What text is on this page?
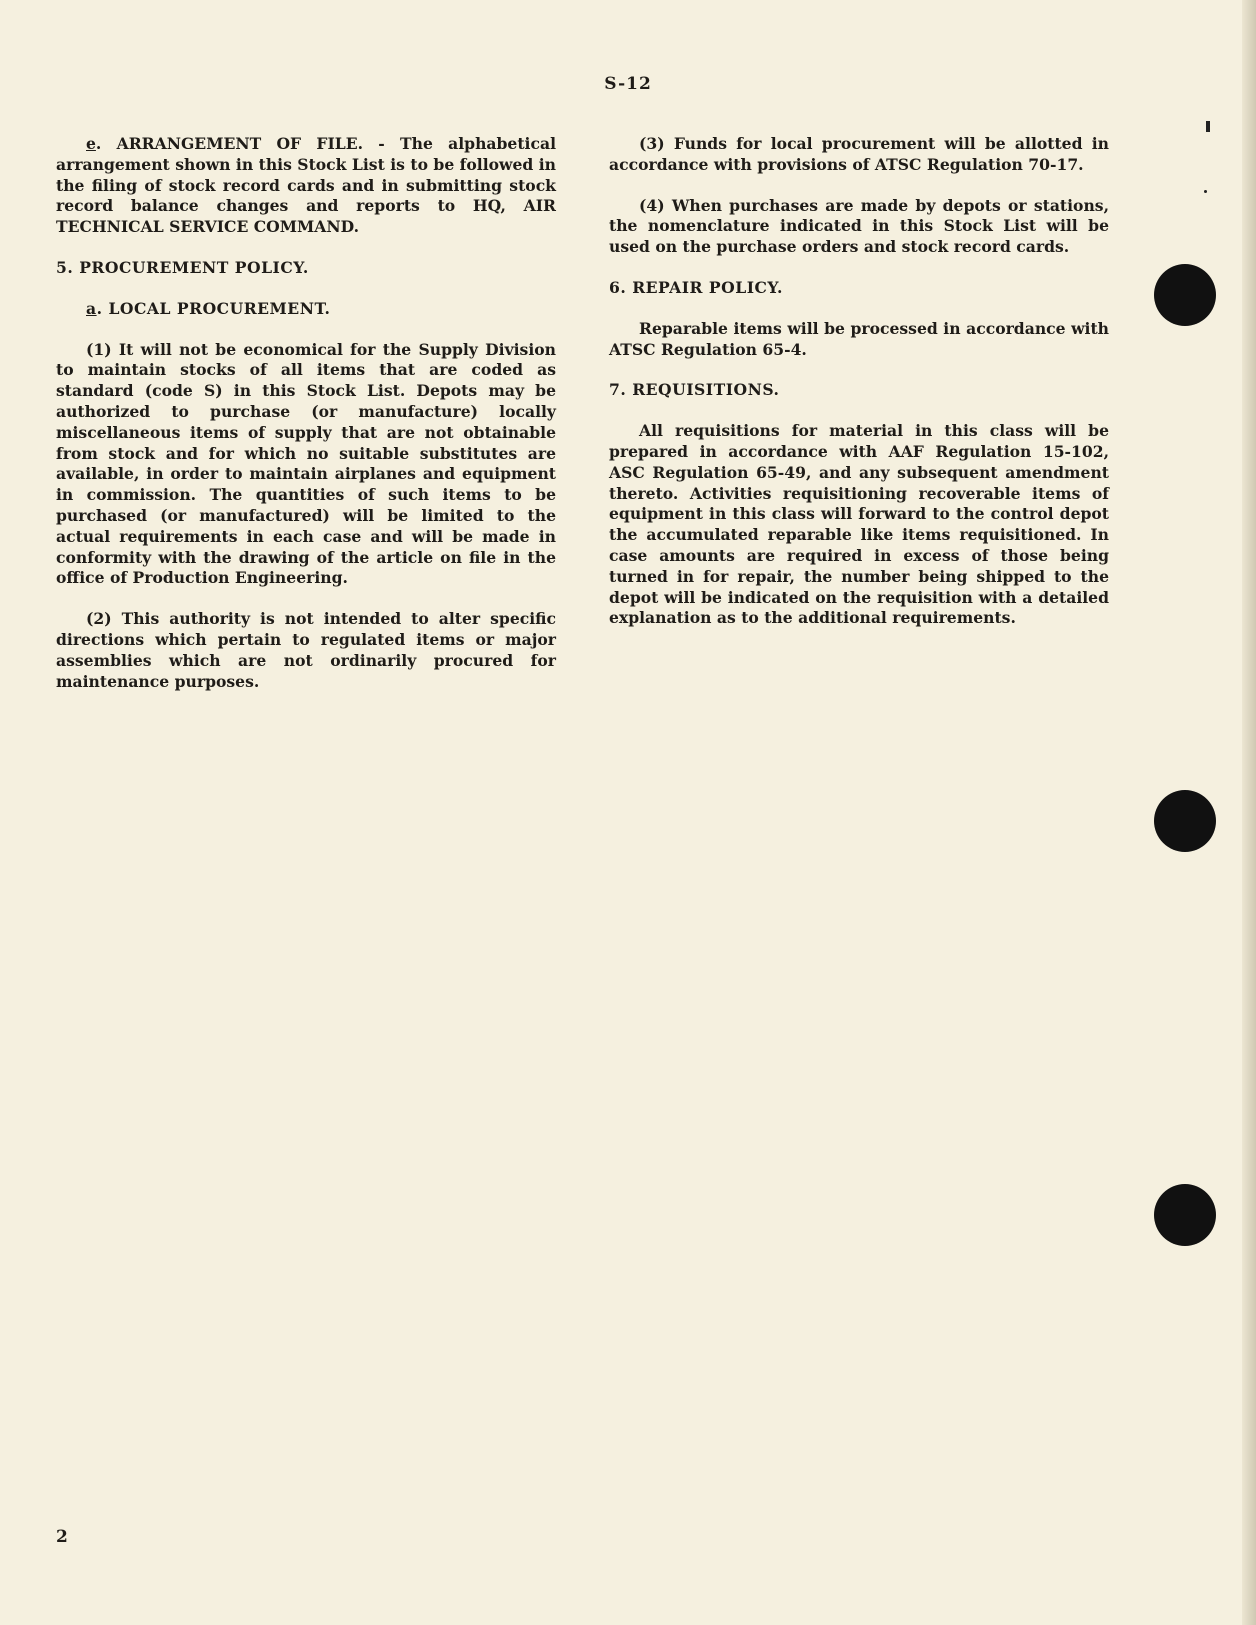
S-12

e. ARRANGEMENT OF FILE. - The alphabetical arrangement shown in this Stock List is to be followed in the filing of stock record cards and in submitting stock record balance changes and reports to HQ, AIR TECHNICAL SERVICE COMMAND.

5. PROCUREMENT POLICY.

a. LOCAL PROCUREMENT.

(1) It will not be economical for the Supply Division to maintain stocks of all items that are coded as standard (code S) in this Stock List. Depots may be authorized to purchase (or manufacture) locally miscellaneous items of supply that are not obtainable from stock and for which no suitable substitutes are available, in order to maintain airplanes and equipment in commission. The quantities of such items to be purchased (or manufactured) will be limited to the actual requirements in each case and will be made in conformity with the drawing of the article on file in the office of Production Engineering.

(2) This authority is not intended to alter specific directions which pertain to regulated items or major assemblies which are not ordinarily procured for maintenance purposes.

(3) Funds for local procurement will be allotted in accordance with provisions of ATSC Regulation 70-17.

(4) When purchases are made by depots or stations, the nomenclature indicated in this Stock List will be used on the purchase orders and stock record cards.

6. REPAIR POLICY.

Reparable items will be processed in accordance with ATSC Regulation 65-4.

7. REQUISITIONS.

All requisitions for material in this class will be prepared in accordance with AAF Regulation 15-102, ASC Regulation 65-49, and any subsequent amendment thereto. Activities requisitioning recoverable items of equipment in this class will forward to the control depot the accumulated reparable like items requisitioned. In case amounts are required in excess of those being turned in for repair, the number being shipped to the depot will be indicated on the requisition with a detailed explanation as to the additional requirements.

2
